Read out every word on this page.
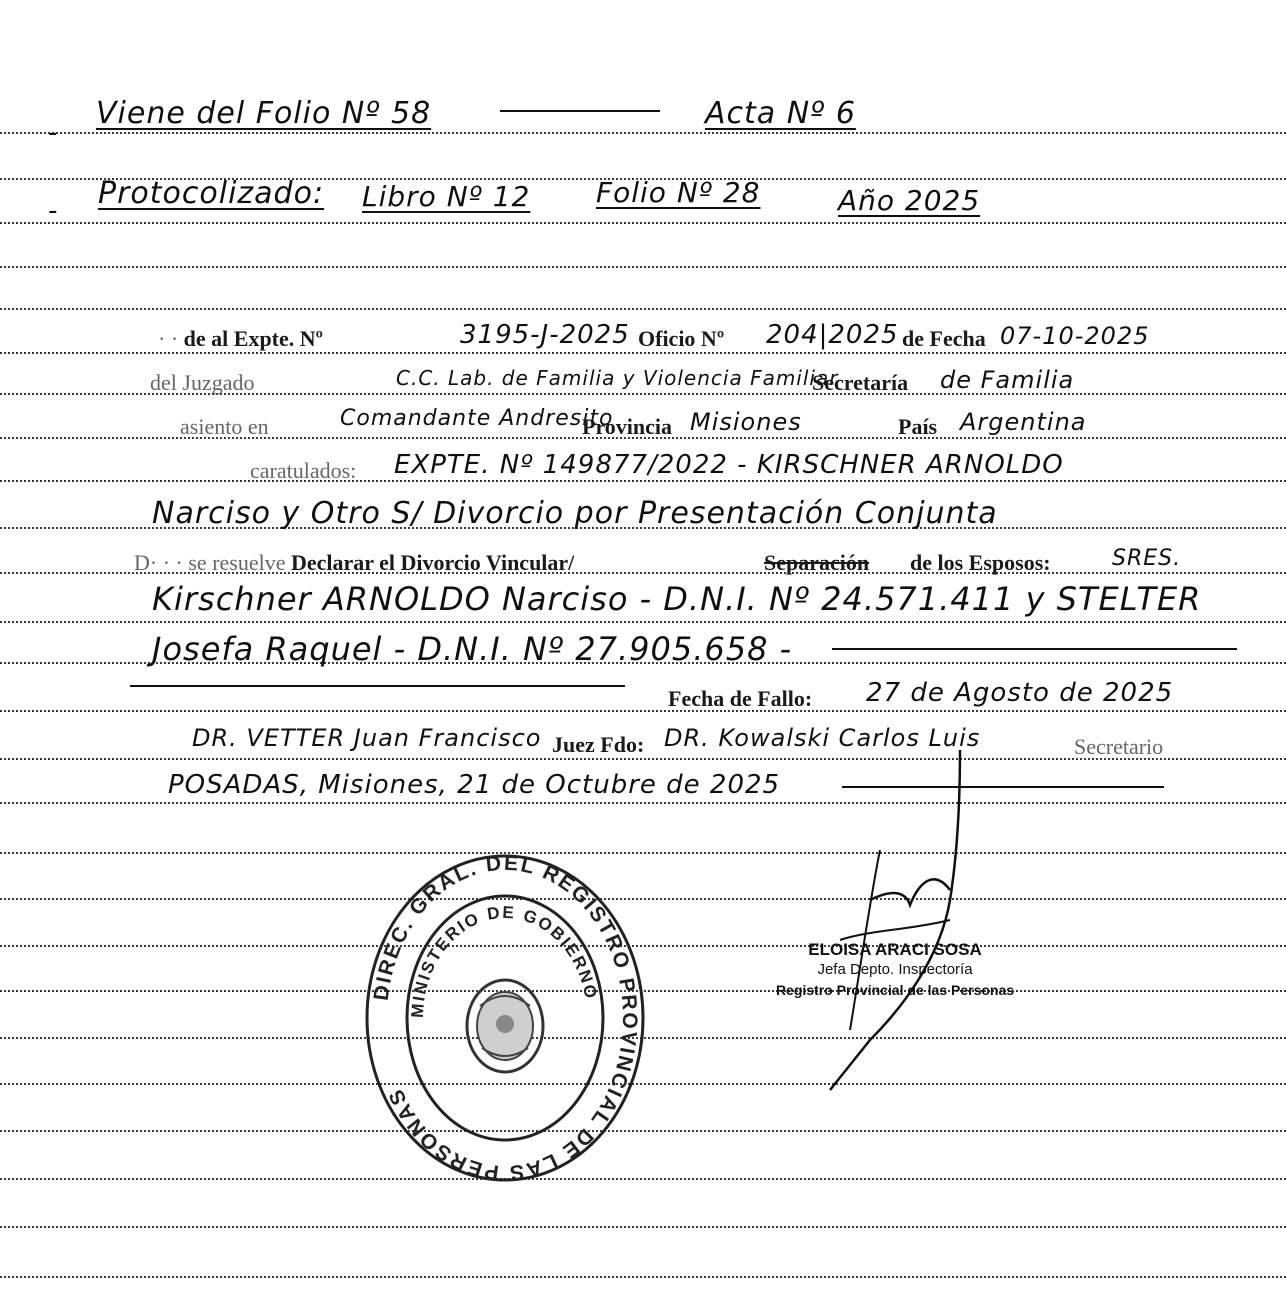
-
Viene del Folio Nº 58	Acta Nº 6
- Protocolizado: Libro Nº 12 Folio Nº 28	Año 2025
· · de al Expte. Nº	3195-J-2025 Oficio Nº 204|2025 de Fecha 07-10-2025
del Juzgado	C.C. Lab. de Familia y Violencia Familiar
Secretaría de Familia
asiento en	Comandante Andresito
Provincia Misiones	País Argentina
caratulados: EXPTE. Nº 149877/2022 - KIRSCHNER ARNOLDO
Narciso y Otro S/ Divorcio por Presentación Conjunta
D· · · se resuelve Declarar el Divorcio Vincular/	Separación de los Esposos:	SRES.
Kirschner ARNOLDO Narciso - D.N.I. Nº 24.571.411 y STELTER
Josefa Raquel - D.N.I. Nº 27.905.658 -
Fecha de Fallo: 27 de Agosto de 2025
DR. VETTER Juan Francisco Juez Fdo: DR. Kowalski Carlos Luis	Secretario
POSADAS, Misiones, 21 de Octubre de 2025
DIREC. GRAL. DEL REGISTRO PROVINCIAL DE LAS PERSONAS
MINISTERIO DE GOBIERNO
ELOISA ARACI SOSA
Jefa Depto. Inspectoría
Registro Provincial de las Personas
